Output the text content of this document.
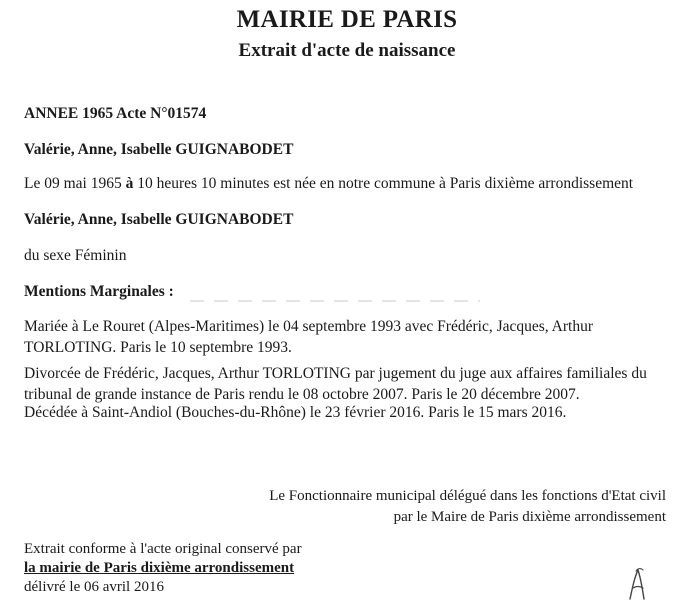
MAIRIE DE PARIS
Extrait d'acte de naissance
ANNEE 1965 Acte N°01574
Valérie, Anne, Isabelle GUIGNABODET
Le 09 mai 1965 à 10 heures 10 minutes est née en notre commune à Paris dixième arrondissement
Valérie, Anne, Isabelle GUIGNABODET
du sexe Féminin
Mentions Marginales :
Mariée à Le Rouret (Alpes-Maritimes) le 04 septembre 1993 avec Frédéric, Jacques, Arthur TORLOTING. Paris le 10 septembre 1993.
Divorcée de Frédéric, Jacques, Arthur TORLOTING par jugement du juge aux affaires familiales du tribunal de grande instance de Paris rendu le 08 octobre 2007. Paris le 20 décembre 2007.
Décédée à Saint-Andiol (Bouches-du-Rhône) le 23 février 2016. Paris le 15 mars 2016.
Le Fonctionnaire municipal délégué dans les fonctions d'Etat civil
par le Maire de Paris dixième arrondissement
Extrait conforme à l'acte original conservé par
la mairie de Paris dixième arrondissement
délivré le 06 avril 2016
